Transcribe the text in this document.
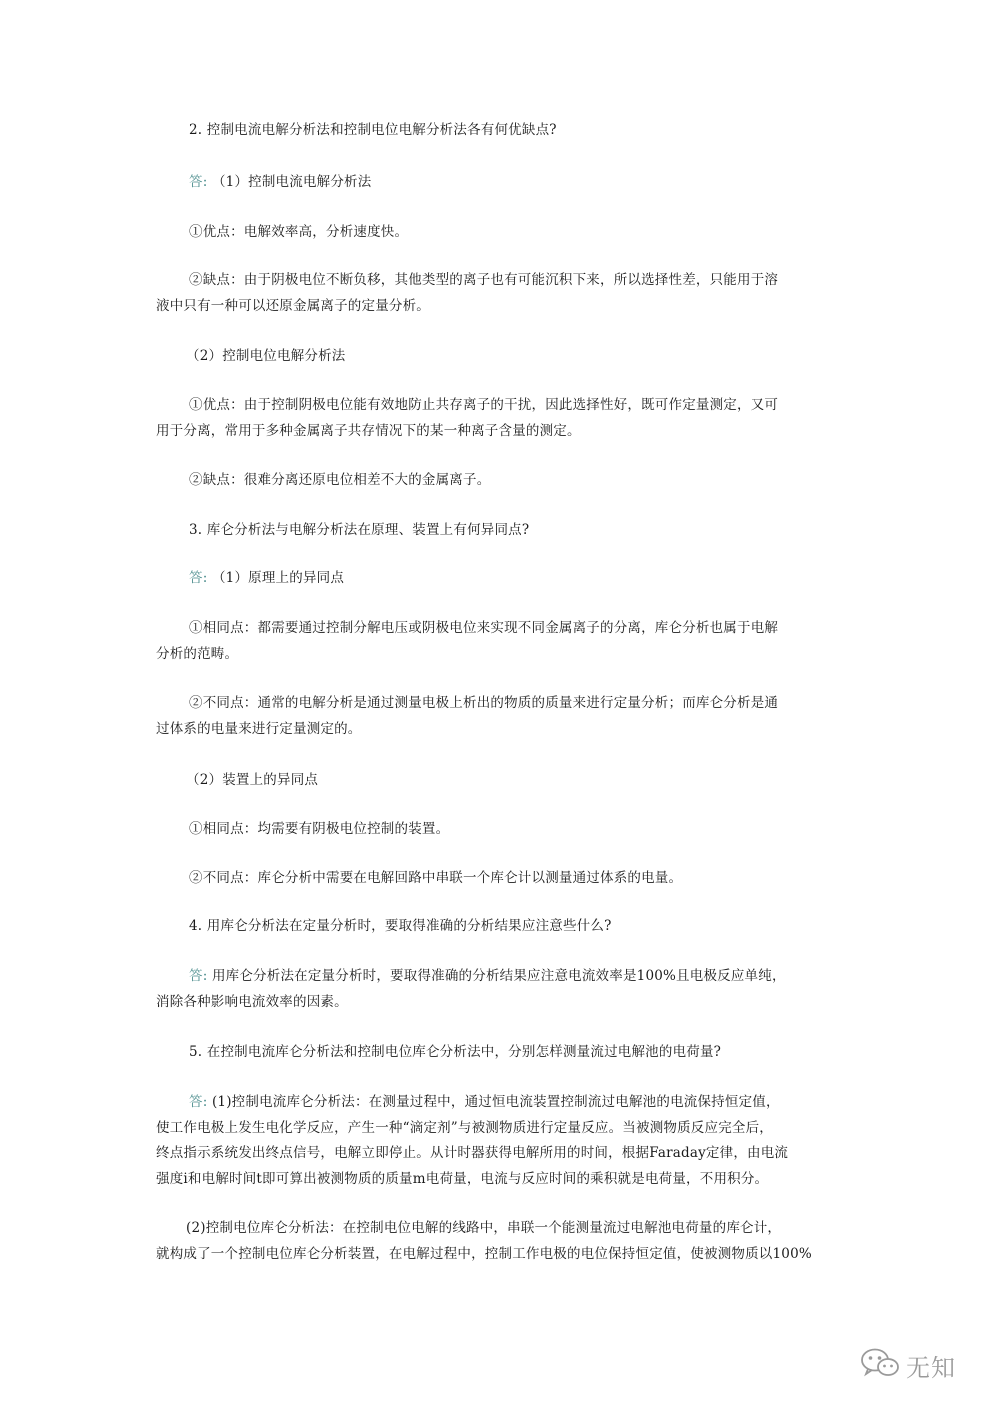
2. 控制电流电解分析法和控制电位电解分析法各有何优缺点?

答: （1）控制电流电解分析法

①优点：电解效率高，分析速度快。

②缺点：由于阴极电位不断负移，其他类型的离子也有可能沉积下来，所以选择性差，只能用于溶
液中只有一种可以还原金属离子的定量分析。

（2）控制电位电解分析法

①优点：由于控制阴极电位能有效地防止共存离子的干扰，因此选择性好，既可作定量测定，又可
用于分离，常用于多种金属离子共存情况下的某一种离子含量的测定。

②缺点：很难分离还原电位相差不大的金属离子。

3. 库仑分析法与电解分析法在原理、装置上有何异同点?

答: （1）原理上的异同点

①相同点：都需要通过控制分解电压或阴极电位来实现不同金属离子的分离，库仑分析也属于电解
分析的范畴。

②不同点：通常的电解分析是通过测量电极上析出的物质的质量来进行定量分析；而库仑分析是通
过体系的电量来进行定量测定的。

（2）装置上的异同点

①相同点：均需要有阴极电位控制的装置。

②不同点：库仑分析中需要在电解回路中串联一个库仑计以测量通过体系的电量。

4. 用库仑分析法在定量分析时，要取得准确的分析结果应注意些什么?

答: 用库仑分析法在定量分析时，要取得准确的分析结果应注意电流效率是100%且电极反应单纯，
消除各种影响电流效率的因素。

5. 在控制电流库仑分析法和控制电位库仑分析法中，分别怎样测量流过电解池的电荷量?

答: (1)控制电流库仑分析法：在测量过程中，通过恒电流装置控制流过电解池的电流保持恒定值，
使工作电极上发生电化学反应，产生一种“滴定剂”与被测物质进行定量反应。当被测物质反应完全后，
终点指示系统发出终点信号，电解立即停止。从计时器获得电解所用的时间，根据Faraday定律，由电流
强度i和电解时间t即可算出被测物质的质量m电荷量，电流与反应时间的乘积就是电荷量，不用积分。

(2)控制电位库仑分析法：在控制电位电解的线路中，串联一个能测量流过电解池电荷量的库仑计，
就构成了一个控制电位库仑分析装置，在电解过程中，控制工作电极的电位保持恒定值，使被测物质以100%

无知
